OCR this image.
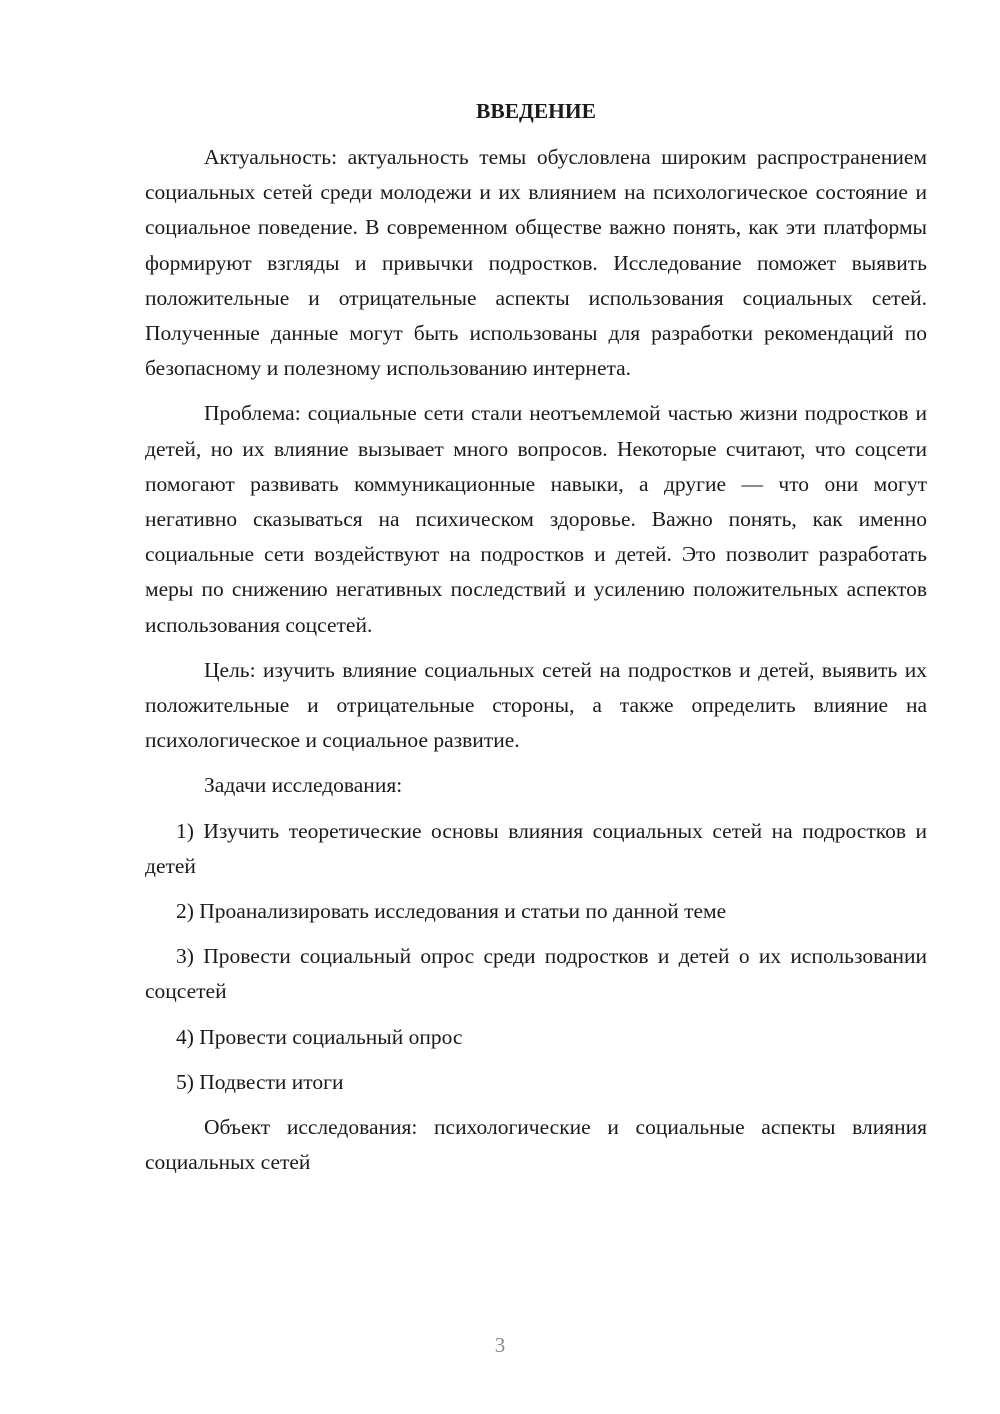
ВВЕДЕНИЕ

Актуальность: актуальность темы обусловлена широким распространением социальных сетей среди молодежи и их влиянием на психологическое состояние и социальное поведение. В современном обществе важно понять, как эти платформы формируют взгляды и привычки подростков. Исследование поможет выявить положительные и отрицательные аспекты использования социальных сетей. Полученные данные могут быть использованы для разработки рекомендаций по безопасному и полезному использованию интернета.

Проблема: социальные сети стали неотъемлемой частью жизни подростков и детей, но их влияние вызывает много вопросов. Некоторые считают, что соцсети помогают развивать коммуникационные навыки, а другие — что они могут негативно сказываться на психическом здоровье. Важно понять, как именно социальные сети воздействуют на подростков и детей. Это позволит разработать меры по снижению негативных последствий и усилению положительных аспектов использования соцсетей.

Цель: изучить влияние социальных сетей на подростков и детей, выявить их положительные и отрицательные стороны, а также определить влияние на психологическое и социальное развитие.

Задачи исследования:

1) Изучить теоретические основы влияния социальных сетей на подростков и детей

2) Проанализировать исследования и статьи по данной теме

3) Провести социальный опрос среди подростков и детей о их использовании соцсетей

4) Провести социальный опрос

5) Подвести итоги

Объект исследования: психологические и социальные аспекты влияния социальных сетей

3
